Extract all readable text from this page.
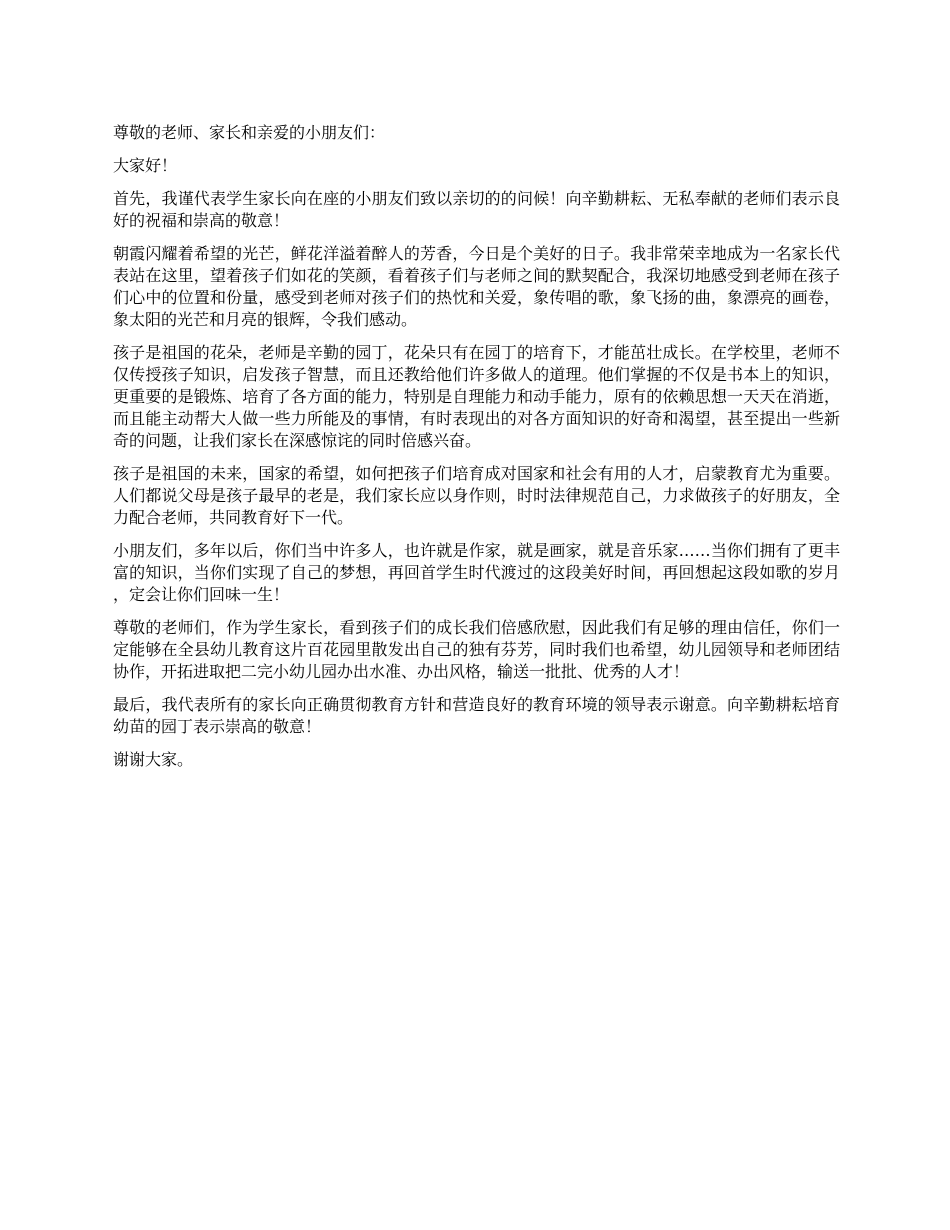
尊敬的老师、家长和亲爱的小朋友们：

大家好！

首先，我谨代表学生家长向在座的小朋友们致以亲切的的问候！向辛勤耕耘、无私奉献的老师们表示良好的祝福和崇高的敬意！

朝霞闪耀着希望的光芒，鲜花洋溢着醉人的芳香，今日是个美好的日子。我非常荣幸地成为一名家长代表站在这里，望着孩子们如花的笑颜，看着孩子们与老师之间的默契配合，我深切地感受到老师在孩子们心中的位置和份量，感受到老师对孩子们的热忱和关爱，象传唱的歌，象飞扬的曲，象漂亮的画卷，象太阳的光芒和月亮的银辉，令我们感动。

孩子是祖国的花朵，老师是辛勤的园丁，花朵只有在园丁的培育下，才能茁壮成长。在学校里，老师不仅传授孩子知识，启发孩子智慧，而且还教给他们许多做人的道理。他们掌握的不仅是书本上的知识，更重要的是锻炼、培育了各方面的能力，特别是自理能力和动手能力，原有的依赖思想一天天在消逝，而且能主动帮大人做一些力所能及的事情，有时表现出的对各方面知识的好奇和渴望，甚至提出一些新奇的问题，让我们家长在深感惊诧的同时倍感兴奋。

孩子是祖国的未来，国家的希望，如何把孩子们培育成对国家和社会有用的人才，启蒙教育尤为重要。人们都说父母是孩子最早的老是，我们家长应以身作则，时时法律规范自己，力求做孩子的好朋友，全力配合老师，共同教育好下一代。

小朋友们，多年以后，你们当中许多人，也许就是作家，就是画家，就是音乐家……当你们拥有了更丰富的知识，当你们实现了自己的梦想，再回首学生时代渡过的这段美好时间，再回想起这段如歌的岁月，定会让你们回味一生！

尊敬的老师们，作为学生家长，看到孩子们的成长我们倍感欣慰，因此我们有足够的理由信任，你们一定能够在全县幼儿教育这片百花园里散发出自己的独有芬芳，同时我们也希望，幼儿园领导和老师团结协作，开拓进取把二完小幼儿园办出水准、办出风格，输送一批批、优秀的人才！

最后，我代表所有的家长向正确贯彻教育方针和营造良好的教育环境的领导表示谢意。向辛勤耕耘培育幼苗的园丁表示崇高的敬意！

谢谢大家。
